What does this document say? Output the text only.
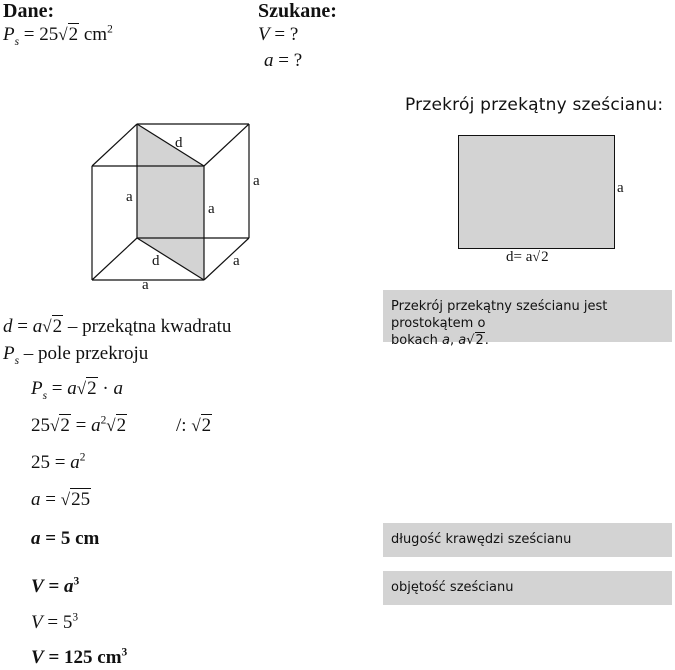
Dane:
$P_s = 25√2$ $cm^2$
Szukane:
V = ?
a = ?
d
a
a
a
d	a
a
Przekrój przekątny sześcianu:
a
d= a√2
Przekrój przekątny sześcianu jest prostokątem o
bokach a, a√2.
długość krawędzi sześcianu
objętość sześcianu
d = a√2 – przekątna kwadratu
$P_s$ – pole przekroju
$P_s = a√2 \cdot a$
$25√2 = a^2√2$	/: √2
$25 = a^2$
a = √25
a = 5 cm
$V = a^3$
$V = 5^3$
V = 125 $cm^3$
